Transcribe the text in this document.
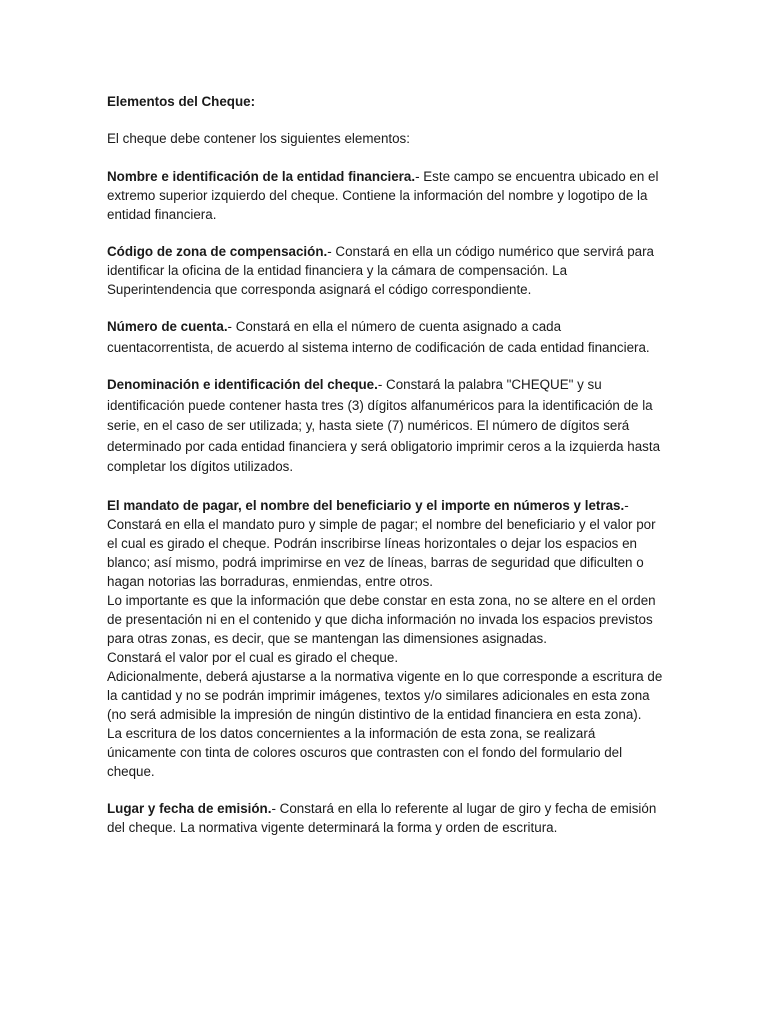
Elementos del Cheque:

El cheque debe contener los siguientes elementos:

Nombre e identificación de la entidad financiera.- Este campo se encuentra ubicado en el extremo superior izquierdo del cheque. Contiene la información del nombre y logotipo de la entidad financiera.

Código de zona de compensación.- Constará en ella un código numérico que servirá para identificar la oficina de la entidad financiera y la cámara de compensación. La Superintendencia que corresponda asignará el código correspondiente.

Número de cuenta.- Constará en ella el número de cuenta asignado a cada cuentacorrentista, de acuerdo al sistema interno de codificación de cada entidad financiera.

Denominación e identificación del cheque.- Constará la palabra "CHEQUE" y su identificación puede contener hasta tres (3) dígitos alfanuméricos para la identificación de la serie, en el caso de ser utilizada; y, hasta siete (7) numéricos. El número de dígitos será determinado por cada entidad financiera y será obligatorio imprimir ceros a la izquierda hasta completar los dígitos utilizados.

El mandato de pagar, el nombre del beneficiario y el importe en números y letras.- Constará en ella el mandato puro y simple de pagar; el nombre del beneficiario y el valor por el cual es girado el cheque. Podrán inscribirse líneas horizontales o dejar los espacios en blanco; así mismo, podrá imprimirse en vez de líneas, barras de seguridad que dificulten o hagan notorias las borraduras, enmiendas, entre otros.

Lo importante es que la información que debe constar en esta zona, no se altere en el orden de presentación ni en el contenido y que dicha información no invada los espacios previstos para otras zonas, es decir, que se mantengan las dimensiones asignadas.

Constará el valor por el cual es girado el cheque.

Adicionalmente, deberá ajustarse a la normativa vigente en lo que corresponde a escritura de la cantidad y no se podrán imprimir imágenes, textos y/o similares adicionales en esta zona (no será admisible la impresión de ningún distintivo de la entidad financiera en esta zona).

La escritura de los datos concernientes a la información de esta zona, se realizará únicamente con tinta de colores oscuros que contrasten con el fondo del formulario del cheque.

Lugar y fecha de emisión.- Constará en ella lo referente al lugar de giro y fecha de emisión del cheque. La normativa vigente determinará la forma y orden de escritura.
